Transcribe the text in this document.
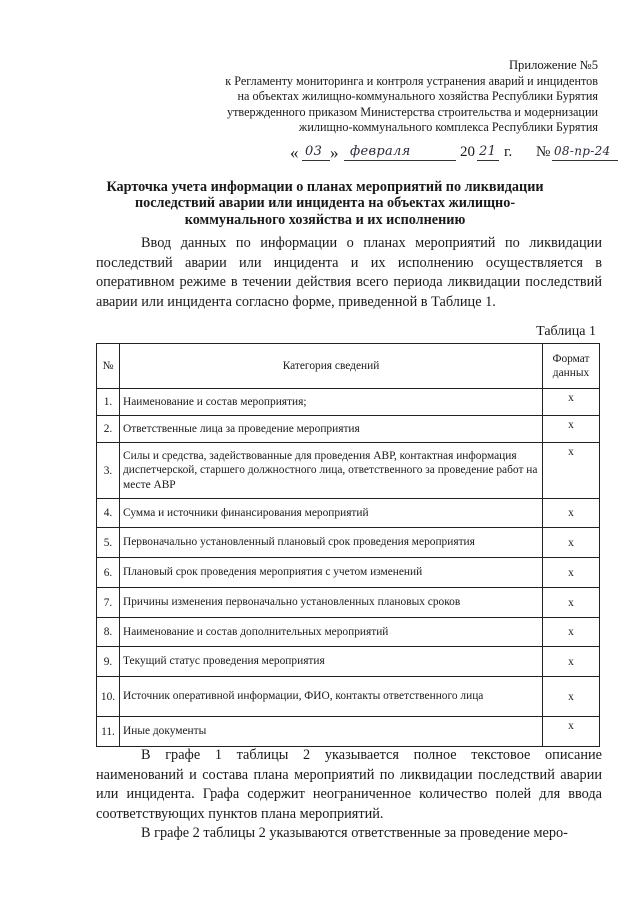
Приложение №5
к Регламенту мониторинга и контроля устранения аварий и инцидентов
на объектах жилищно-коммунального хозяйства Республики Бурятия
утвержденного приказом Министерства строительства и модернизации
жилищно-коммунального комплекса Республики Бурятия
« 03 » февраля	20 21 г. № 08-пр-24
Карточка учета информации о планах мероприятий по ликвидации последствий аварии или инцидента на объектах жилищно-коммунального хозяйства и их исполнению
Ввод данных по информации о планах мероприятий по ликвидации последствий аварии или инцидента и их исполнению осуществляется в оперативном режиме в течении действия всего периода ликвидации последствий аварии или инцидента согласно форме, приведенной в Таблице 1.
Таблица 1
№	Категория сведений	Формат данных
1.	Наименование и состав мероприятия;	х
2.	Ответственные лица за проведение мероприятия	х
3.	Силы и средства, задействованные для проведения АВР, контактная информация диспетчерской, старшего должностного лица, ответственного за проведение работ на месте АВР	х
4.	Сумма и источники финансирования мероприятий	х
5.	Первоначально установленный плановый срок проведения мероприятия	х
6.	Плановый срок проведения мероприятия с учетом изменений	х
7.	Причины изменения первоначально установленных плановых сроков	х
8.	Наименование и состав дополнительных мероприятий	х
9.	Текущий статус проведения мероприятия	х
10.	Источник оперативной информации, ФИО, контакты ответственного лица	х
11.	Иные документы	х
В графе 1 таблицы 2 указывается полное текстовое описание наименований и состава плана мероприятий по ликвидации последствий аварии или инцидента. Графа содержит неограниченное количество полей для ввода соответствующих пунктов плана мероприятий.
В графе 2 таблицы 2 указываются ответственные за проведение меро-
